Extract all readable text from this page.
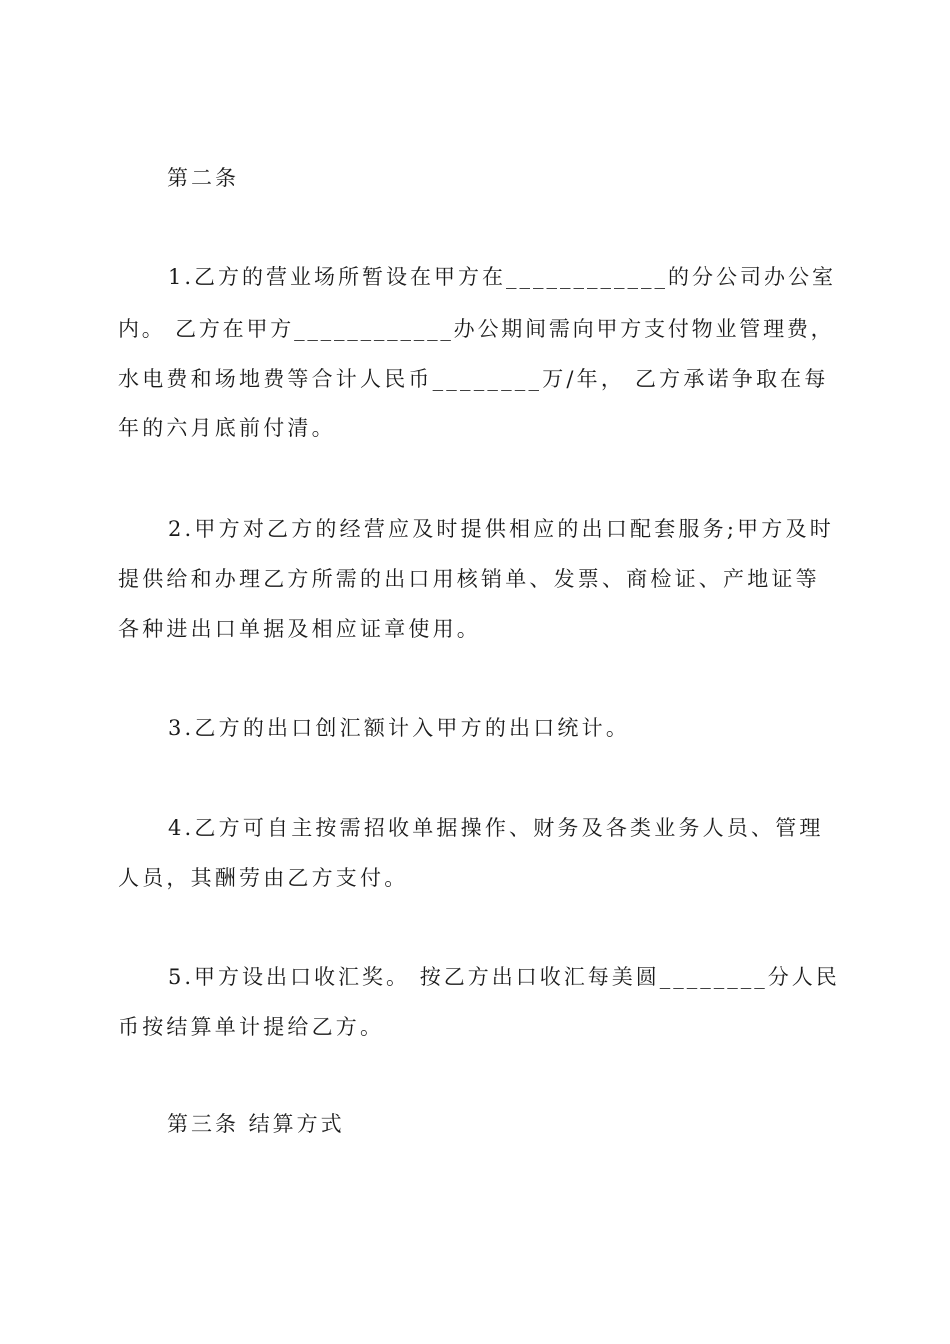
第二条
1.乙方的营业场所暂设在甲方在____________的分公司办公室
内。 乙方在甲方____________办公期间需向甲方支付物业管理费，
水电费和场地费等合计人民币________万/年， 乙方承诺争取在每
年的六月底前付清。
2.甲方对乙方的经营应及时提供相应的出口配套服务;甲方及时
提供给和办理乙方所需的出口用核销单、发票、商检证、产地证等
各种进出口单据及相应证章使用。
3.乙方的出口创汇额计入甲方的出口统计。
4.乙方可自主按需招收单据操作、财务及各类业务人员、管理
人员，其酬劳由乙方支付。
5.甲方设出口收汇奖。 按乙方出口收汇每美圆________分人民
币按结算单计提给乙方。
第三条 结算方式
